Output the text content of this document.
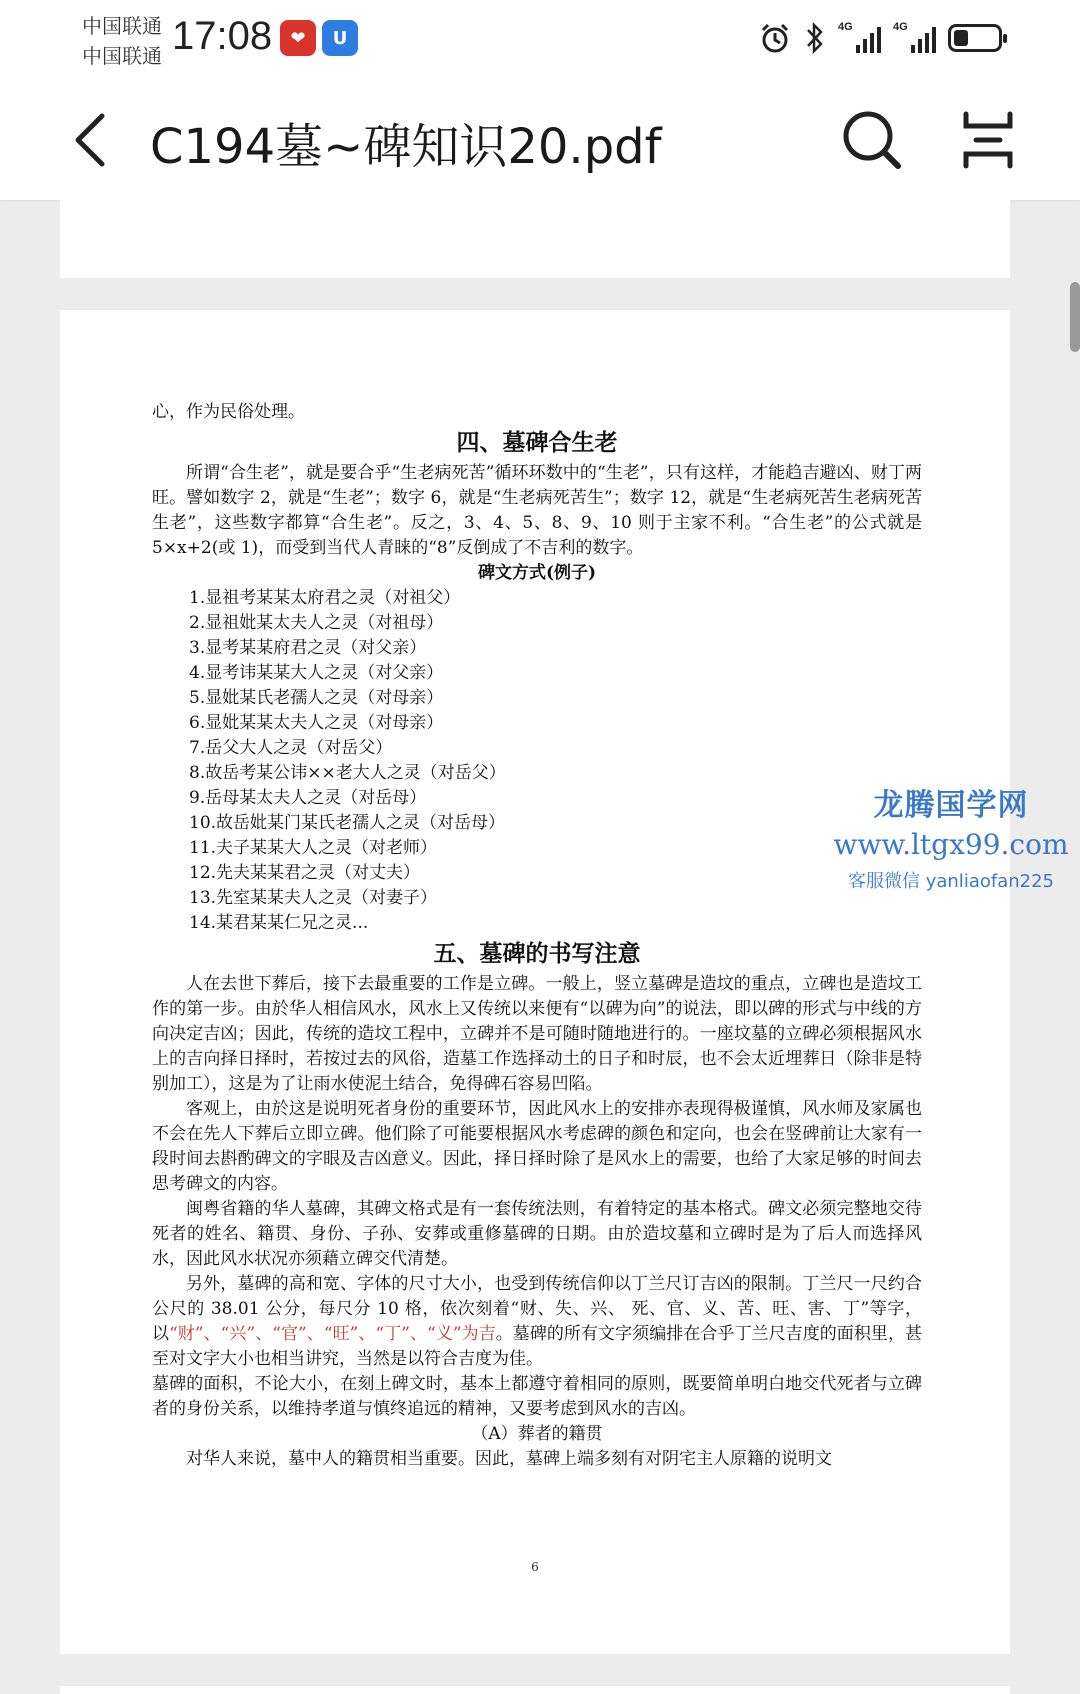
中国联通
中国联通 17:08	❤	U
4G	4G
C194墓~碑知识20.pdf

心，作为民俗处理。

四、墓碑合生老

所谓“合生老”，就是要合乎“生老病死苦”循环环数中的“生老”，只有这样，才能趋吉避凶、财丁两旺。譬如数字 2，就是“生老”；数字 6，就是“生老病死苦生”；数字 12，就是“生老病死苦生老病死苦生老”，这些数字都算“合生老”。反之，3、4、5、8、9、10 则于主家不利。“合生老”的公式就是 5×x+2(或 1)，而受到当代人青睐的“8”反倒成了不吉利的数字。

碑文方式(例子)
1.显祖考某某太府君之灵（对祖父）
2.显祖妣某太夫人之灵（对祖母）
3.显考某某府君之灵（对父亲）
4.显考讳某某大人之灵（对父亲）
5.显妣某氏老孺人之灵（对母亲）
6.显妣某某太夫人之灵（对母亲）
7.岳父大人之灵（对岳父）
8.故岳考某公讳××老大人之灵（对岳父）
9.岳母某太夫人之灵（对岳母）
10.故岳妣某门某氏老孺人之灵（对岳母）
11.夫子某某大人之灵（对老师）
12.先夫某某君之灵（对丈夫）
13.先室某某夫人之灵（对妻子）
14.某君某某仁兄之灵...
五、墓碑的书写注意

人在去世下葬后，接下去最重要的工作是立碑。一般上，竖立墓碑是造坟的重点，立碑也是造坟工作的第一步。由於华人相信风水，风水上又传统以来便有“以碑为向”的说法，即以碑的形式与中线的方向决定吉凶；因此，传统的造坟工程中，立碑并不是可随时随地进行的。一座坟墓的立碑必须根据风水上的吉向择日择时，若按过去的风俗，造墓工作选择动土的日子和时辰，也不会太近埋葬日（除非是特别加工），这是为了让雨水使泥土结合，免得碑石容易凹陷。

客观上，由於这是说明死者身份的重要环节，因此风水上的安排亦表现得极谨慎，风水师及家属也不会在先人下葬后立即立碑。他们除了可能要根据风水考虑碑的颜色和定向，也会在竖碑前让大家有一段时间去斟酌碑文的字眼及吉凶意义。因此，择日择时除了是风水上的需要，也给了大家足够的时间去思考碑文的内容。

闽粤省籍的华人墓碑，其碑文格式是有一套传统法则，有着特定的基本格式。碑文必须完整地交待死者的姓名、籍贯、身份、子孙、安葬或重修墓碑的日期。由於造坟墓和立碑时是为了后人而选择风水，因此风水状况亦须藉立碑交代清楚。

另外，墓碑的高和宽、字体的尺寸大小，也受到传统信仰以丁兰尺订吉凶的限制。丁兰尺一尺约合公尺的 38.01 公分，每尺分 10 格，依次刻着“财、失、兴、 死、官、义、苦、旺、害、丁”等字，以“财”、“兴”、“官”、“旺”、“丁”、“义”为吉。墓碑的所有文字须编排在合乎丁兰尺吉度的面积里，甚至对文字大小也相当讲究，当然是以符合吉度为佳。

墓碑的面积，不论大小，在刻上碑文时，基本上都遵守着相同的原则，既要简单明白地交代死者与立碑者的身份关系，以维持孝道与慎终追远的精神，又要考虑到风水的吉凶。

（A）葬者的籍贯

对华人来说，墓中人的籍贯相当重要。因此，墓碑上端多刻有对阴宅主人原籍的说明文

6
龙腾国学网
www.ltgx99.com
客服微信 yanliaofan225
